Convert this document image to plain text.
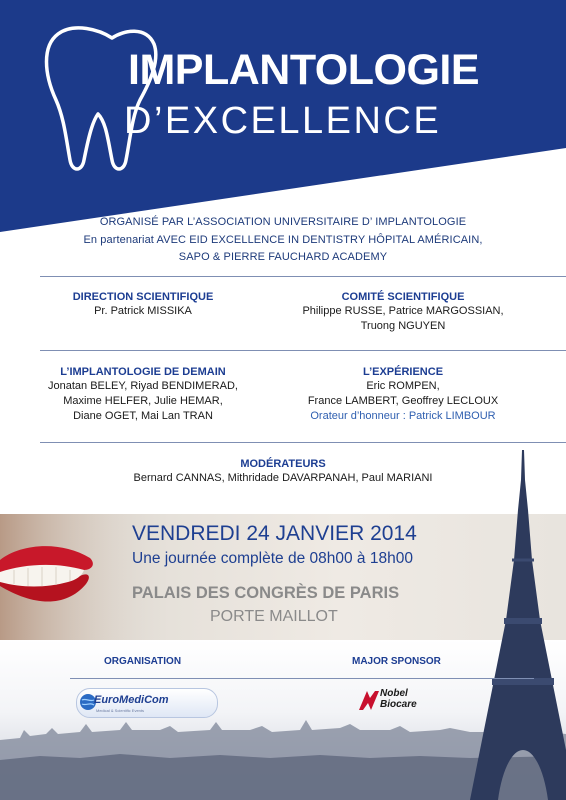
IMPLANTOLOGIE
D’EXCELLENCE
ORGANISÉ PAR L’ASSOCIATION UNIVERSITAIRE D’ IMPLANTOLOGIE
En partenariat AVEC EID EXCELLENCE IN DENTISTRY HÔPITAL AMÉRICAIN,
SAPO & PIERRE FAUCHARD ACADEMY
DIRECTION SCIENTIFIQUE
Pr. Patrick MISSIKA
COMITÉ SCIENTIFIQUE
Philippe RUSSE, Patrice MARGOSSIAN,
Truong NGUYEN
L’IMPLANTOLOGIE DE DEMAIN
Jonatan BELEY, Riyad BENDIMERAD,
Maxime HELFER, Julie HEMAR,
Diane OGET, Mai Lan TRAN
L’EXPÉRIENCE
Eric ROMPEN,
France LAMBERT, Geoffrey LECLOUX
Orateur d’honneur : Patrick LIMBOUR
MODÉRATEURS
Bernard CANNAS, Mithridade DAVARPANAH, Paul MARIANI
VENDREDI 24 JANVIER 2014
Une journée complète de 08h00 à 18h00
PALAIS DES CONGRÈS DE PARIS
PORTE MAILLOT
ORGANISATION	MAJOR SPONSOR
EuroMediCom
Medical & Scientific Events
Nobel
Biocare
